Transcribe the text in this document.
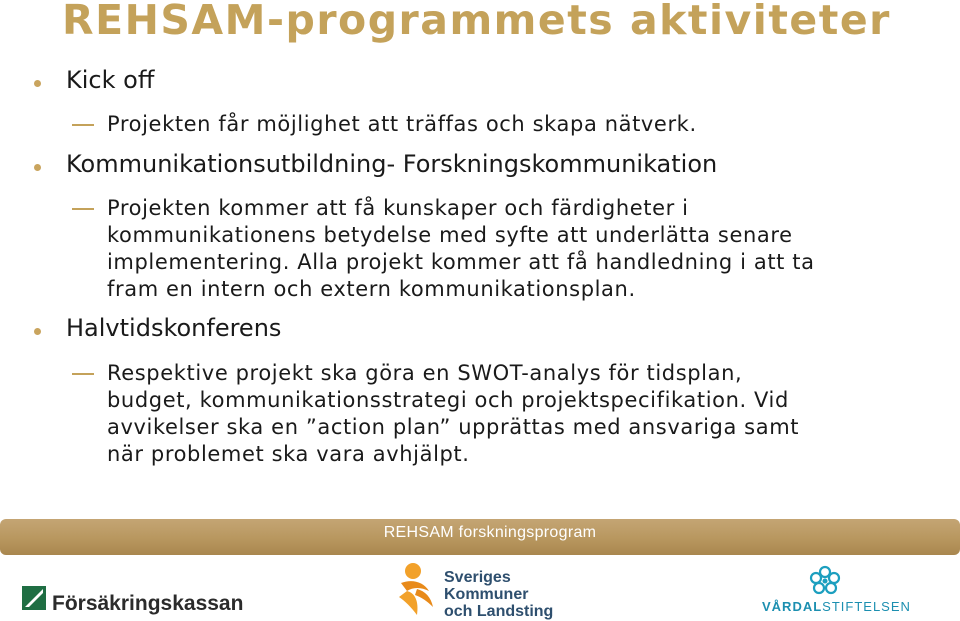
REHSAM-programmets aktiviteter
Kick off
Projekten får möjlighet att träffas och skapa nätverk.
Kommunikationsutbildning- Forskningskommunikation
Projekten kommer att få kunskaper och färdigheter i
kommunikationens betydelse med syfte att underlätta senare
implementering. Alla projekt kommer att få handledning i att ta
fram en intern och extern kommunikationsplan.
Halvtidskonferens
Respektive projekt ska göra en SWOT-analys för tidsplan,
budget, kommunikationsstrategi och projektspecifikation. Vid
avvikelser ska en ”action plan” upprättas med ansvariga samt
när problemet ska vara avhjälpt.
REHSAM forskningsprogram
Försäkringskassan
Sveriges
Kommuner
och Landsting	VÅRDALSTIFTELSEN
